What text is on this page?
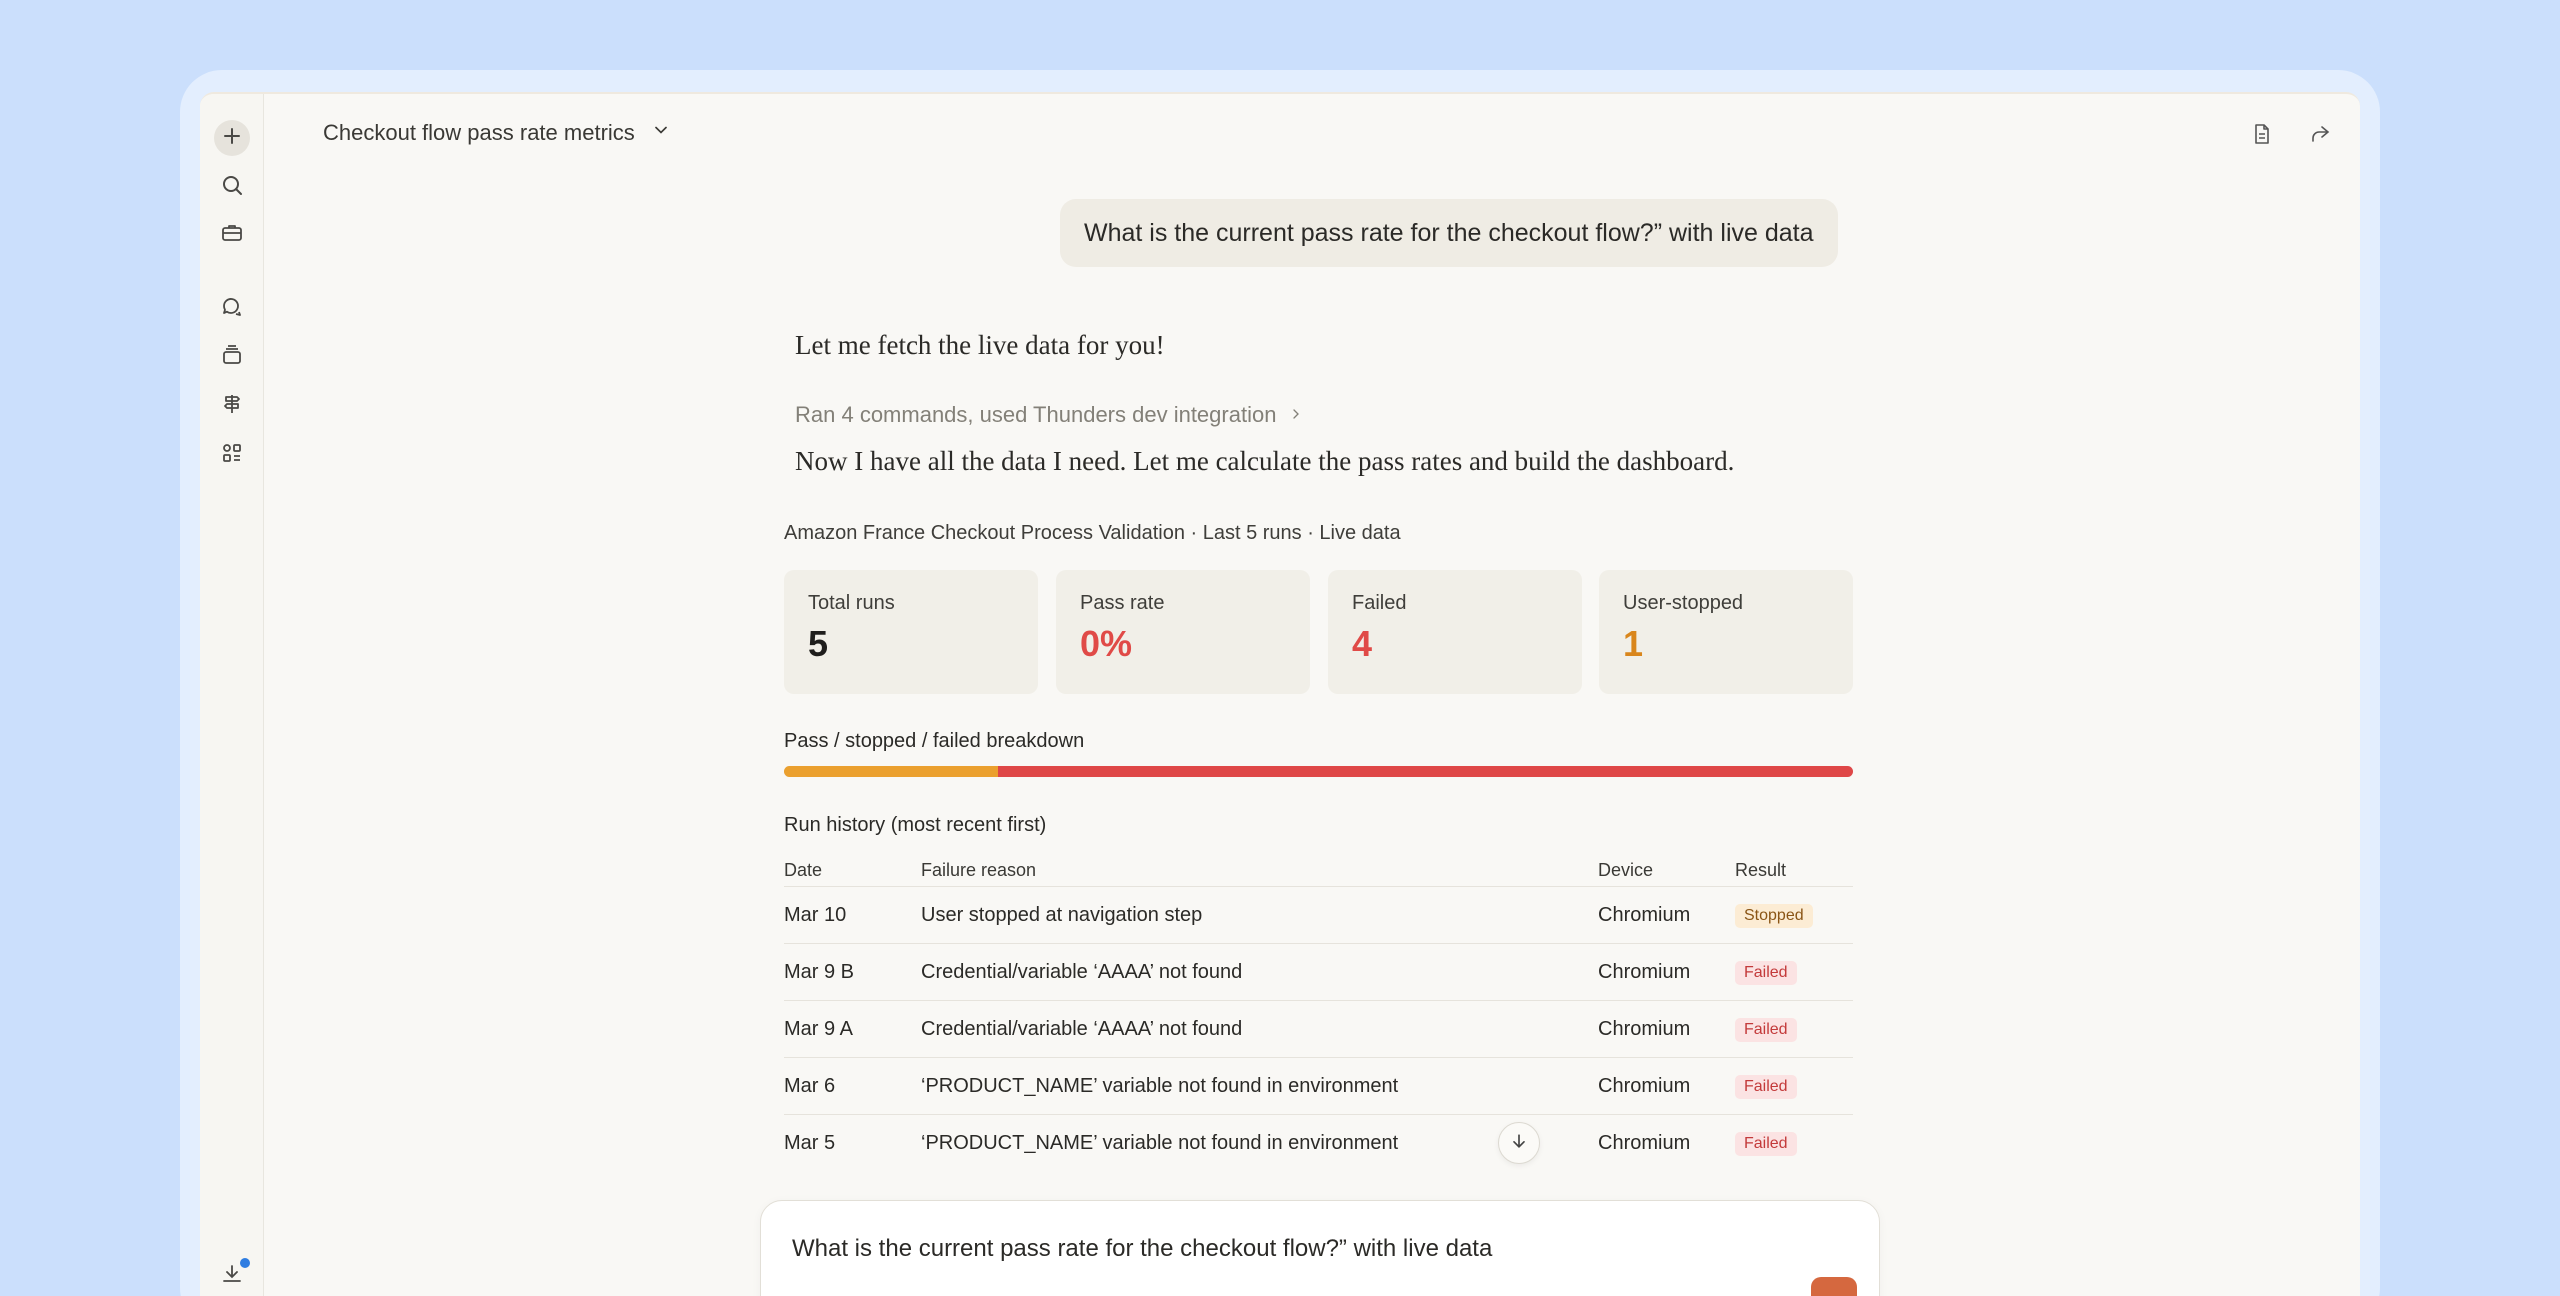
Checkout flow pass rate metrics
What is the current pass rate for the checkout flow?” with live data
Let me fetch the live data for you!
Ran 4 commands, used Thunders dev integration
Now I have all the data I need. Let me calculate the pass rates and build the dashboard.
Amazon France Checkout Process Validation · Last 5 runs · Live data
Total runs
5
Pass rate
0%
Failed
4
User-stopped
1
Pass / stopped / failed breakdown
Run history (most recent first)
Date	Failure reason	Device	Result
Mar 10	User stopped at navigation step	Chromium	Stopped
Mar 9 B	Credential/variable ‘AAAA’ not found	Chromium	Failed
Mar 9 A	Credential/variable ‘AAAA’ not found	Chromium	Failed
Mar 6	‘PRODUCT_NAME’ variable not found in environment	Chromium	Failed
Mar 5	‘PRODUCT_NAME’ variable not found in environment	Chromium	Failed
What is the current pass rate for the checkout flow?” with live data
